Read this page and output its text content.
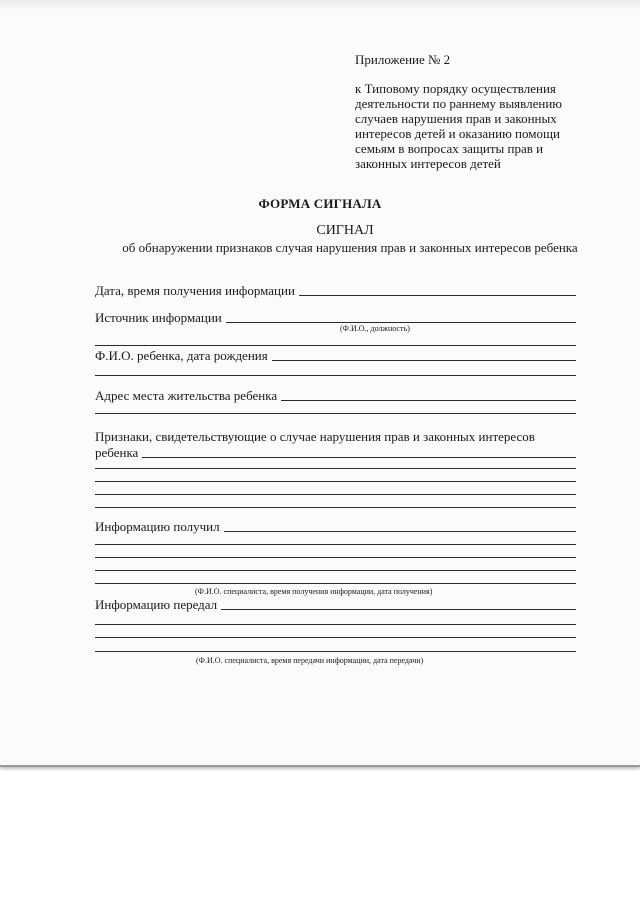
Приложение № 2
к Типовому порядку осуществления
деятельности по раннему выявлению
случаев нарушения прав и законных
интересов детей и оказанию помощи
семьям в вопросах защиты прав и
законных интересов детей
ФОРМА СИГНАЛА
СИГНАЛ
об обнаружении признаков случая нарушения прав и законных интересов ребенка
Дата, время получения информации
Источник информации
(Ф.И.О., должность)
Ф.И.О. ребенка, дата рождения
Адрес места жительства ребенка
Признаки, свидетельствующие о случае нарушения прав и законных интересов
ребенка
Информацию получил
(Ф.И.О. специалиста, время получения информации, дата получения)
Информацию передал
(Ф.И.О. специалиста, время передачи информации, дата передачи)
